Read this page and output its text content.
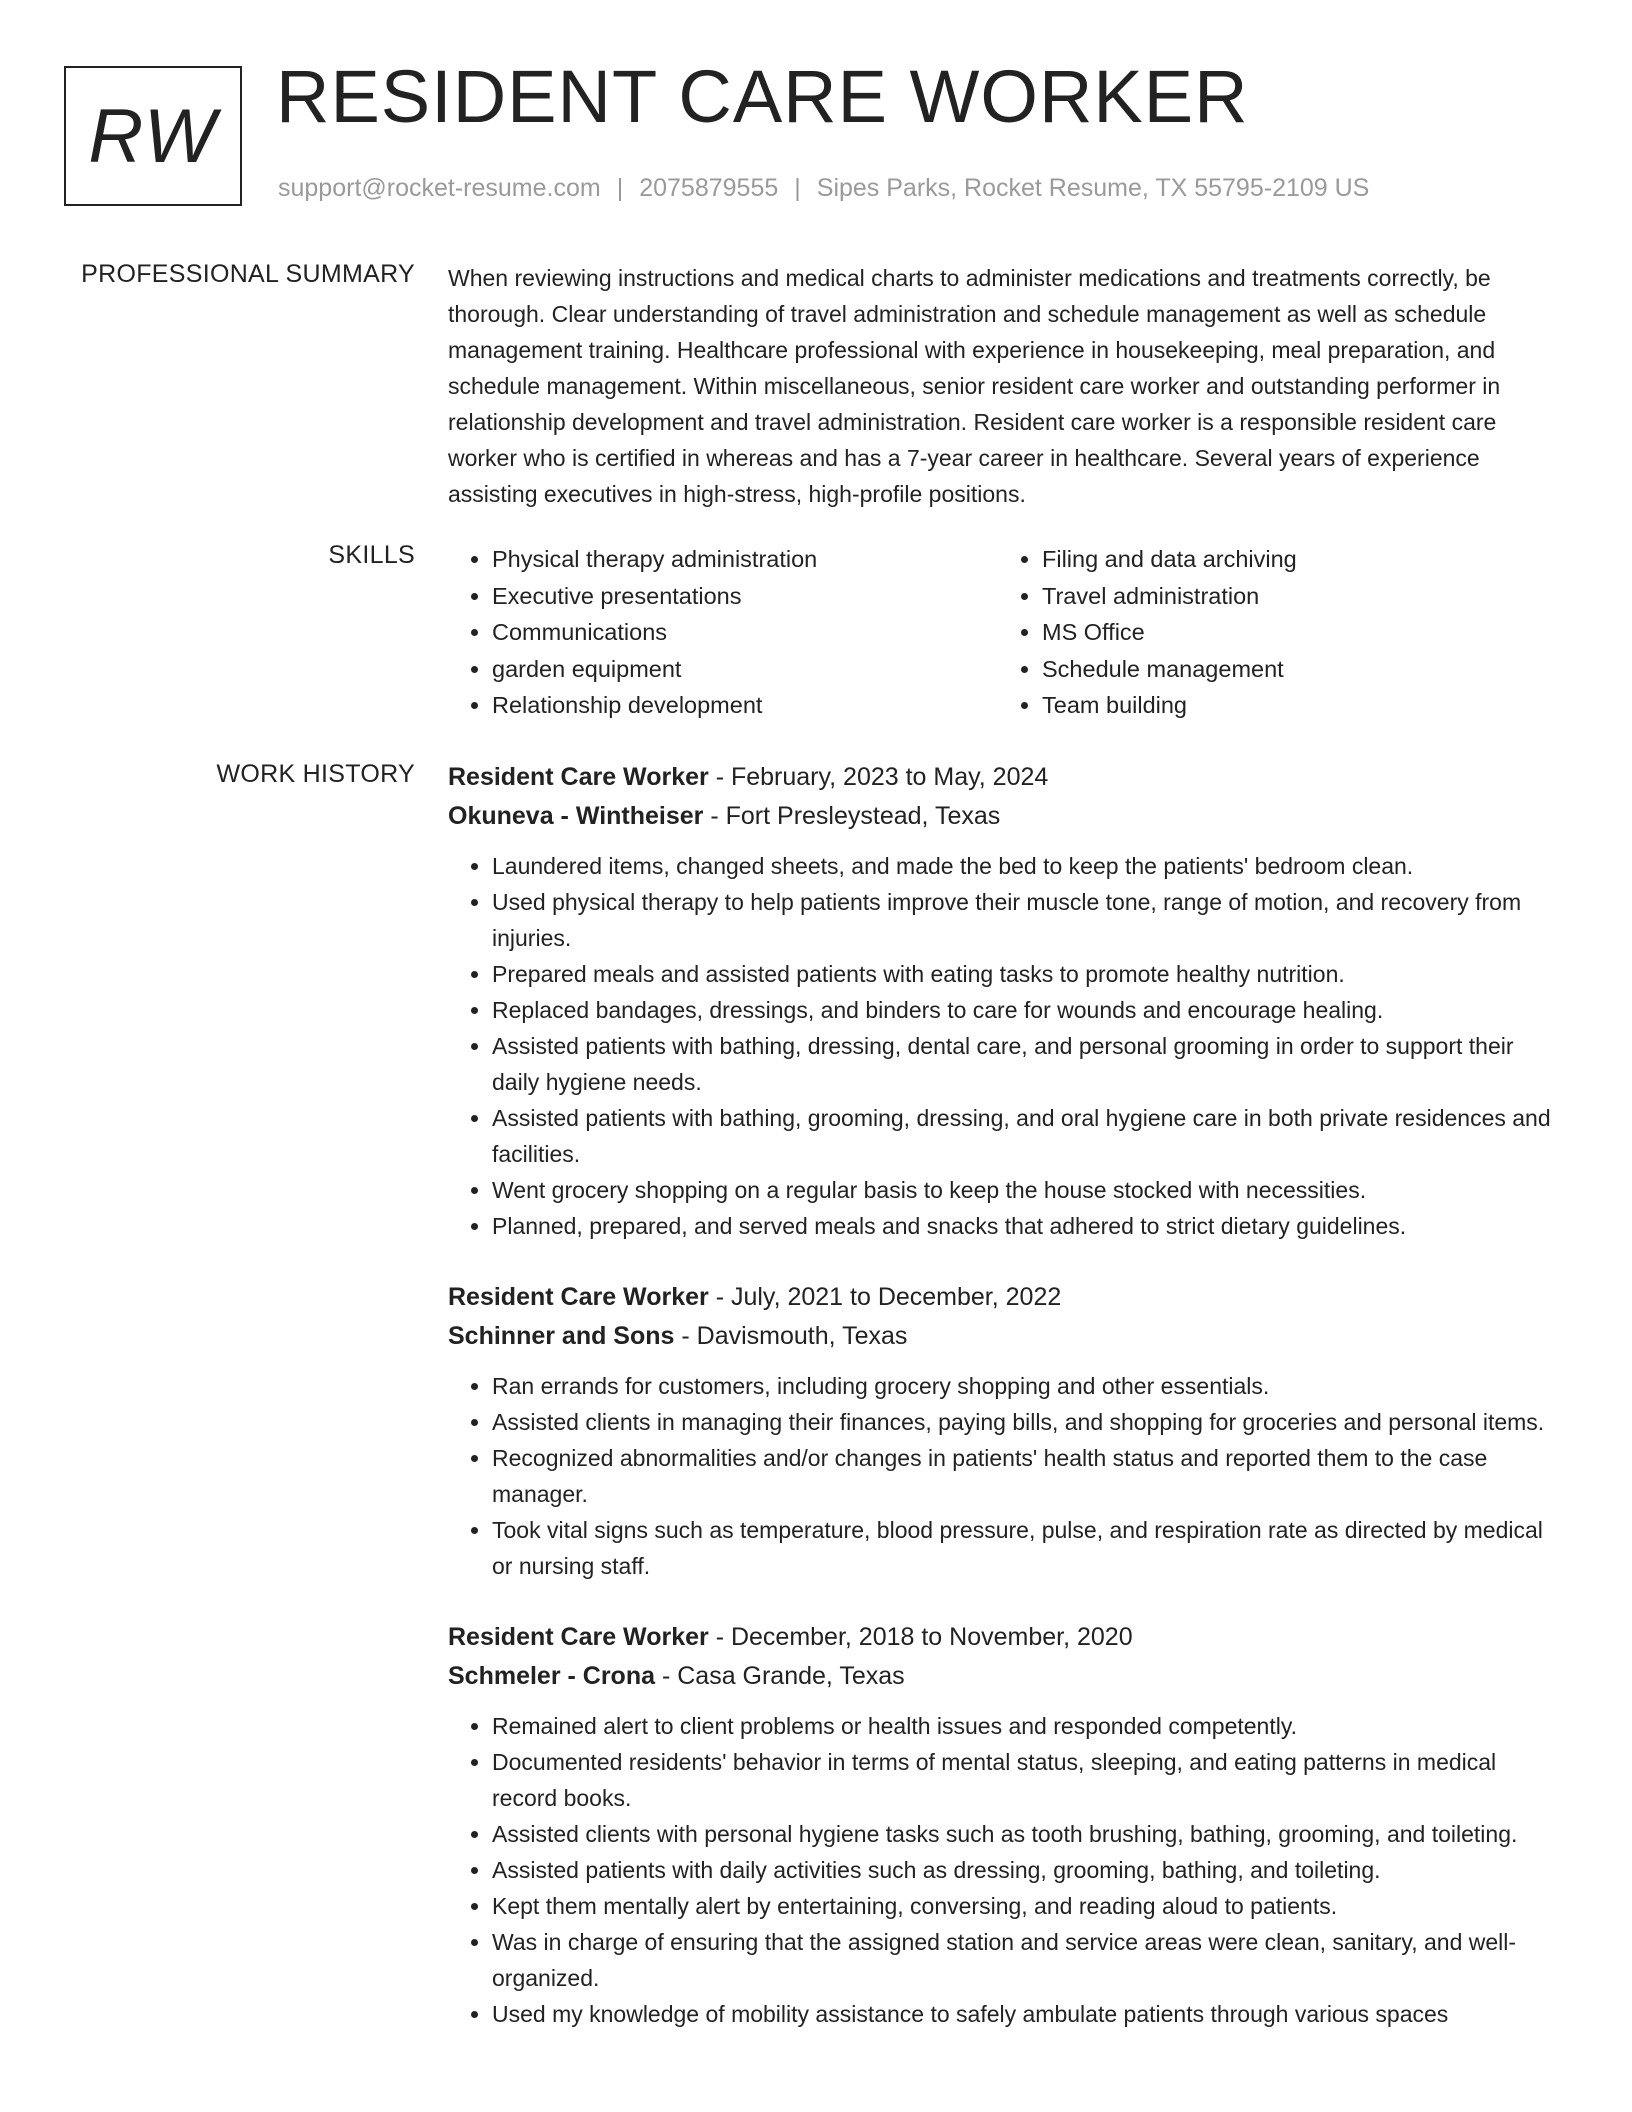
RW RESIDENT CARE WORKER
support@rocket-resume.com | 2075879555 | Sipes Parks, Rocket Resume, TX 55795-2109 US
PROFESSIONAL SUMMARY When reviewing instructions and medical charts to administer medications and treatments correctly, be thorough. Clear understanding of travel administration and schedule management as well as schedule management training. Healthcare professional with experience in housekeeping, meal preparation, and schedule management. Within miscellaneous, senior resident care worker and outstanding performer in relationship development and travel administration. Resident care worker is a responsible resident care worker who is certified in whereas and has a 7-year career in healthcare. Several years of experience assisting executives in high-stress, high-profile positions.

SKILLS
•	Physical therapy administration
• Executive presentations
• Communications
• garden equipment
• Relationship development
• Filing and data archiving
• Travel administration
• MS Office
• Schedule management
• Team building
WORK HISTORY Resident Care Worker - February, 2023 to May, 2024
Okuneva - Wintheiser - Fort Presleystead, Texas
• Laundered items, changed sheets, and made the bed to keep the patients' bedroom clean.
• Used physical therapy to help patients improve their muscle tone, range of motion, and recovery from injuries.
• Prepared meals and assisted patients with eating tasks to promote healthy nutrition.
• Replaced bandages, dressings, and binders to care for wounds and encourage healing.
• Assisted patients with bathing, dressing, dental care, and personal grooming in order to support their daily hygiene needs.
• Assisted patients with bathing, grooming, dressing, and oral hygiene care in both private residences and facilities.
• Went grocery shopping on a regular basis to keep the house stocked with necessities.
• Planned, prepared, and served meals and snacks that adhered to strict dietary guidelines.
Resident Care Worker - July, 2021 to December, 2022
Schinner and Sons - Davismouth, Texas
• Ran errands for customers, including grocery shopping and other essentials.
• Assisted clients in managing their finances, paying bills, and shopping for groceries and personal items.
• Recognized abnormalities and/or changes in patients' health status and reported them to the case manager.
• Took vital signs such as temperature, blood pressure, pulse, and respiration rate as directed by medical or nursing staff.
Resident Care Worker - December, 2018 to November, 2020
Schmeler - Crona - Casa Grande, Texas
• Remained alert to client problems or health issues and responded competently.
• Documented residents' behavior in terms of mental status, sleeping, and eating patterns in medical record books.
• Assisted clients with personal hygiene tasks such as tooth brushing, bathing, grooming, and toileting.
• Assisted patients with daily activities such as dressing, grooming, bathing, and toileting.
• Kept them mentally alert by entertaining, conversing, and reading aloud to patients.
• Was in charge of ensuring that the assigned station and service areas were clean, sanitary, and well-organized.
• Used my knowledge of mobility assistance to safely ambulate patients through various spaces
